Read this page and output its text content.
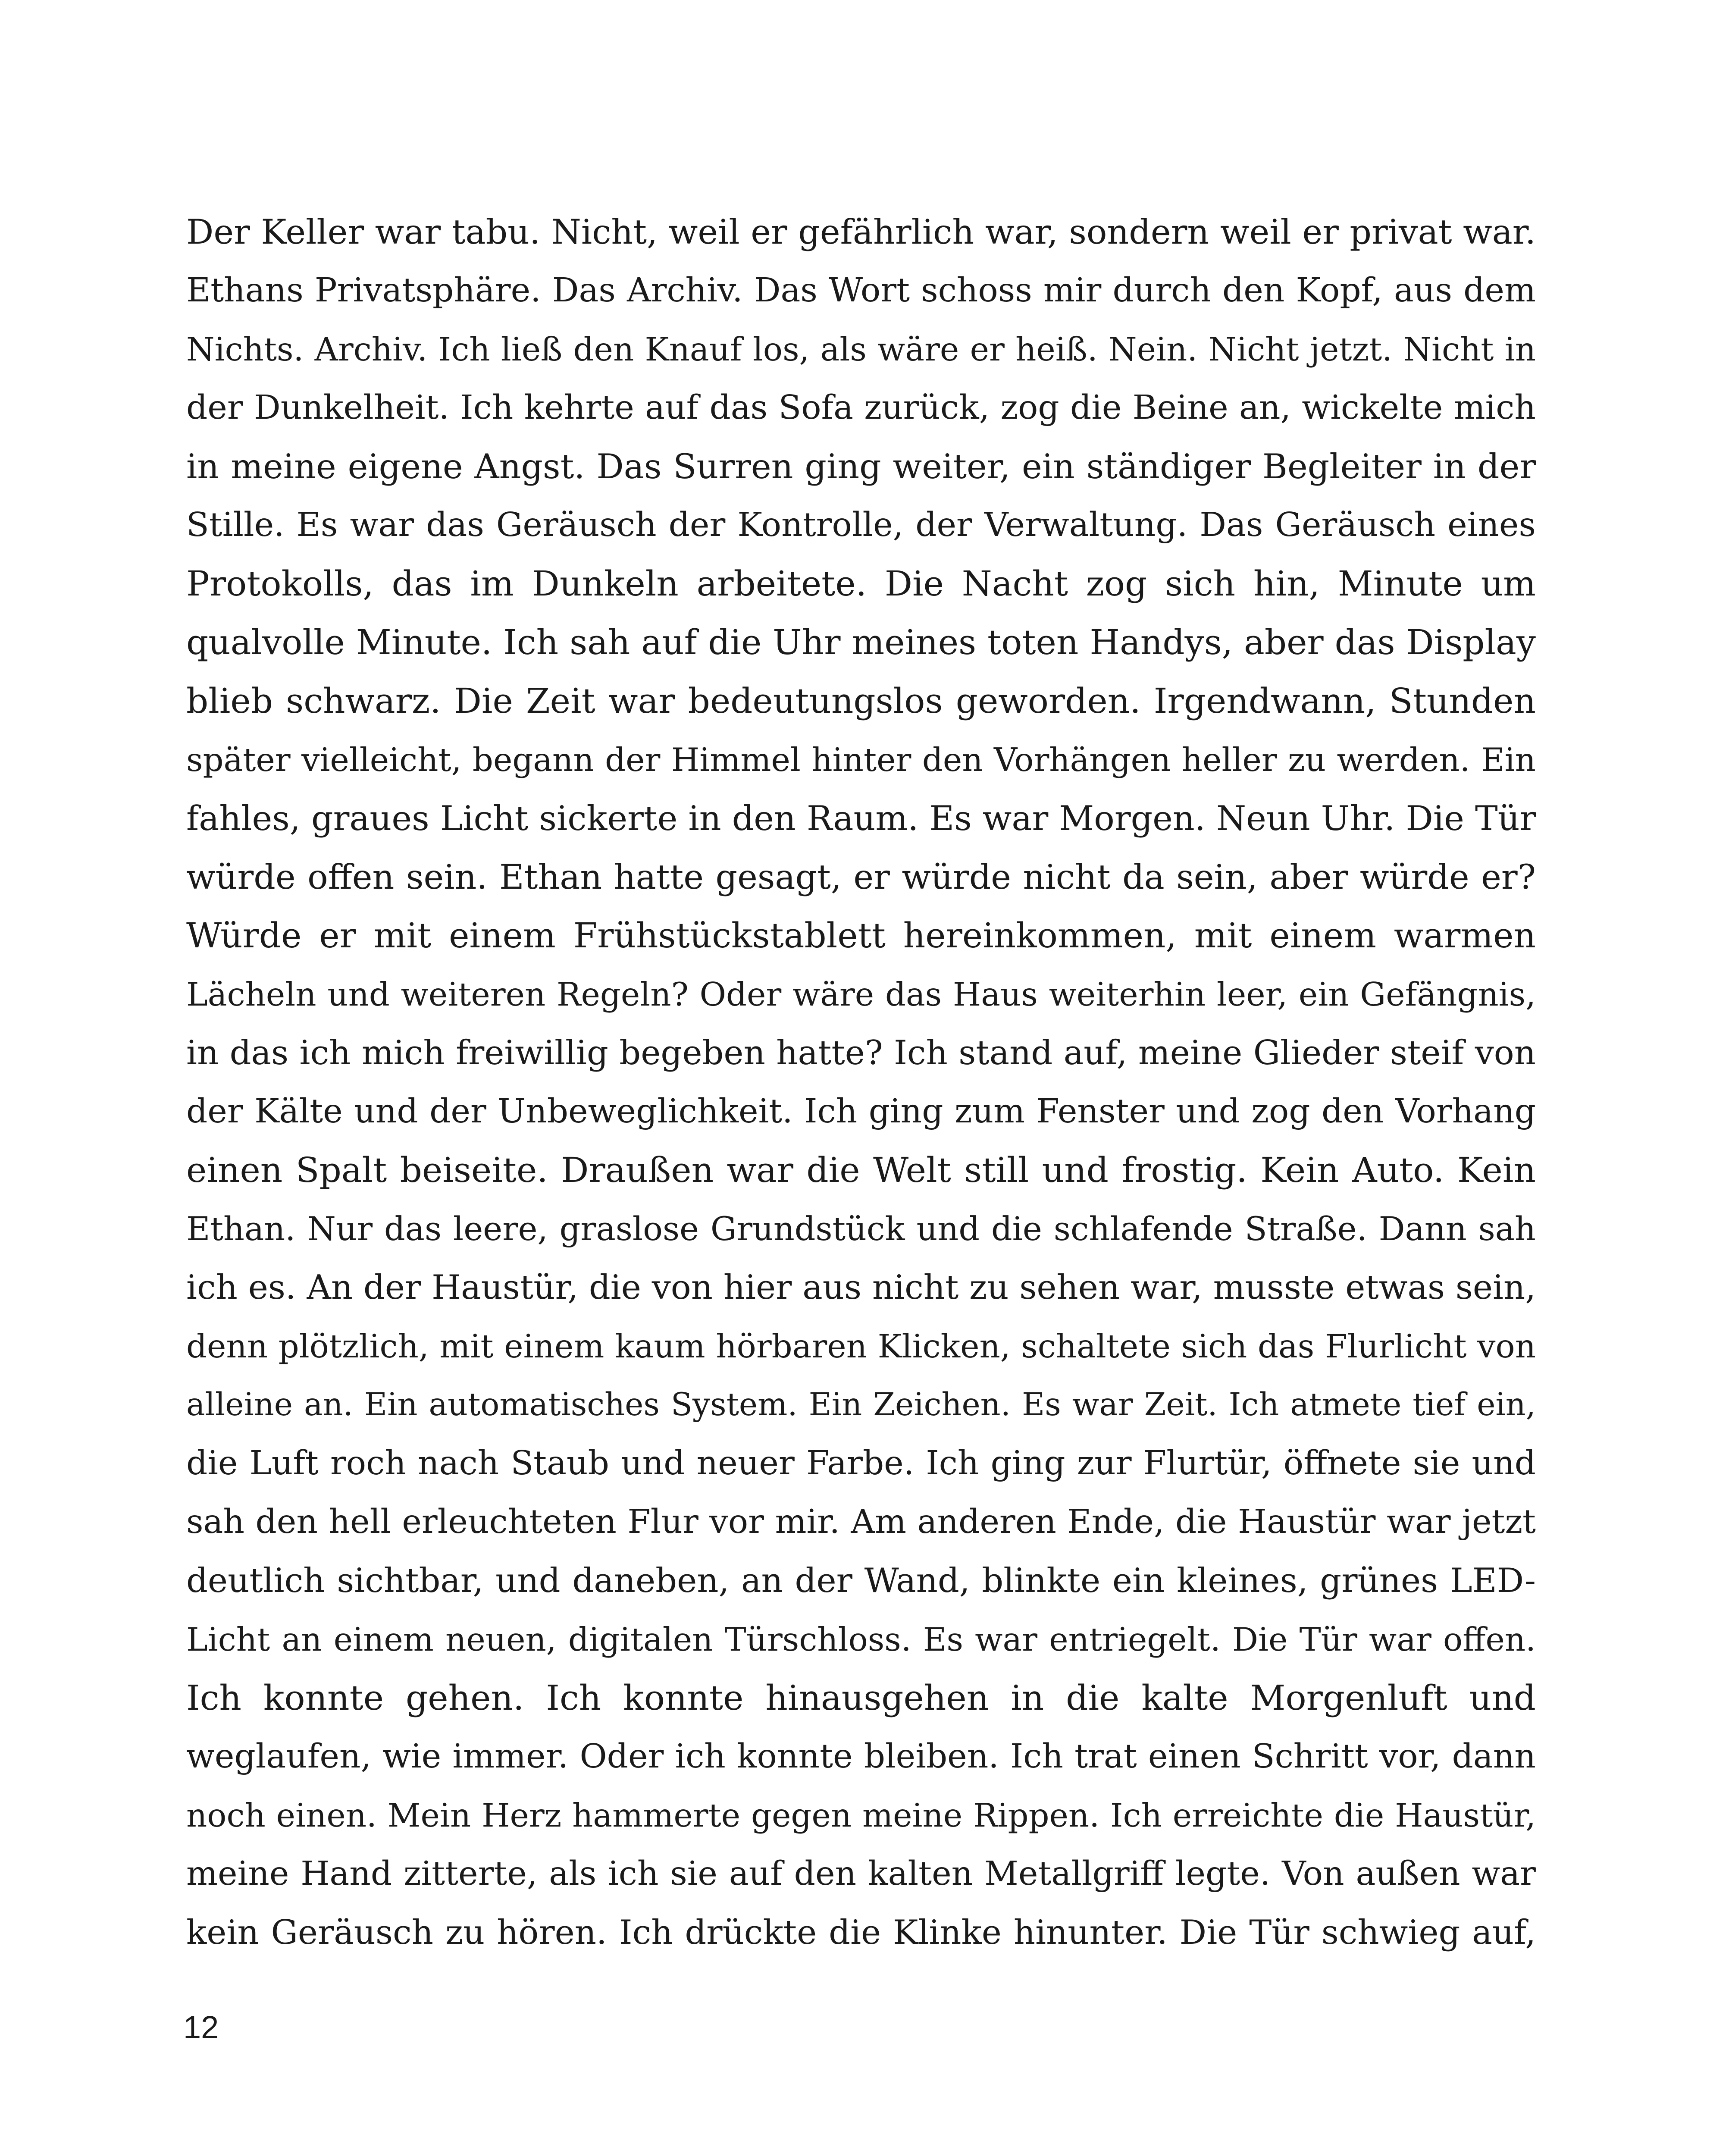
Der Keller war tabu. Nicht, weil er gefährlich war, sondern weil er privat war.
Ethans Privatsphäre. Das Archiv. Das Wort schoss mir durch den Kopf, aus dem
Nichts. Archiv. Ich ließ den Knauf los, als wäre er heiß. Nein. Nicht jetzt. Nicht in
der Dunkelheit. Ich kehrte auf das Sofa zurück, zog die Beine an, wickelte mich
in meine eigene Angst. Das Surren ging weiter, ein ständiger Begleiter in der
Stille. Es war das Geräusch der Kontrolle, der Verwaltung. Das Geräusch eines
Protokolls, das im Dunkeln arbeitete. Die Nacht zog sich hin, Minute um
qualvolle Minute. Ich sah auf die Uhr meines toten Handys, aber das Display
blieb schwarz. Die Zeit war bedeutungslos geworden. Irgendwann, Stunden
später vielleicht, begann der Himmel hinter den Vorhängen heller zu werden. Ein
fahles, graues Licht sickerte in den Raum. Es war Morgen. Neun Uhr. Die Tür
würde offen sein. Ethan hatte gesagt, er würde nicht da sein, aber würde er?
Würde er mit einem Frühstückstablett hereinkommen, mit einem warmen
Lächeln und weiteren Regeln? Oder wäre das Haus weiterhin leer, ein Gefängnis,
in das ich mich freiwillig begeben hatte? Ich stand auf, meine Glieder steif von
der Kälte und der Unbeweglichkeit. Ich ging zum Fenster und zog den Vorhang
einen Spalt beiseite. Draußen war die Welt still und frostig. Kein Auto. Kein
Ethan. Nur das leere, graslose Grundstück und die schlafende Straße. Dann sah
ich es. An der Haustür, die von hier aus nicht zu sehen war, musste etwas sein,
denn plötzlich, mit einem kaum hörbaren Klicken, schaltete sich das Flurlicht von
alleine an. Ein automatisches System. Ein Zeichen. Es war Zeit. Ich atmete tief ein,
die Luft roch nach Staub und neuer Farbe. Ich ging zur Flurtür, öffnete sie und
sah den hell erleuchteten Flur vor mir. Am anderen Ende, die Haustür war jetzt
deutlich sichtbar, und daneben, an der Wand, blinkte ein kleines, grünes LED-
Licht an einem neuen, digitalen Türschloss. Es war entriegelt. Die Tür war offen.
Ich konnte gehen. Ich konnte hinausgehen in die kalte Morgenluft und
weglaufen, wie immer. Oder ich konnte bleiben. Ich trat einen Schritt vor, dann
noch einen. Mein Herz hammerte gegen meine Rippen. Ich erreichte die Haustür,
meine Hand zitterte, als ich sie auf den kalten Metallgriff legte. Von außen war
kein Geräusch zu hören. Ich drückte die Klinke hinunter. Die Tür schwieg auf,
12
